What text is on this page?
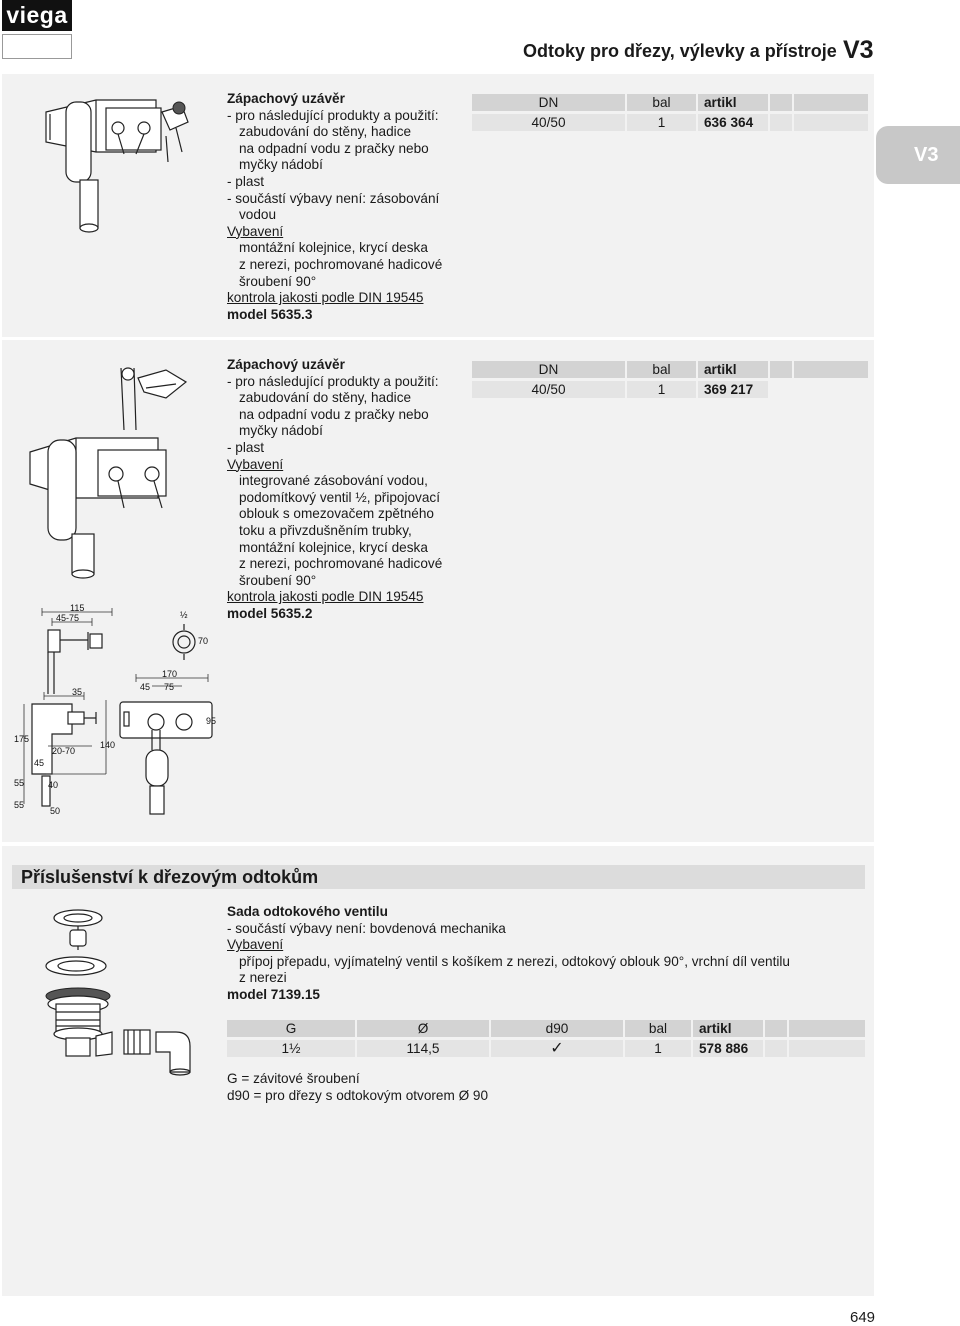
viega
Odtoky pro dřezy, výlevky a přístroje V3
V3
Zápachový uzávěr
- pro následující produkty a použití:
zabudování do stěny, hadice
na odpadní vodu z pračky nebo
myčky nádobí
- plast
- součástí výbavy není: zásobování
vodou
Vybavení
montážní kolejnice, krycí deska
z nerezi, pochromované hadicové
šroubení 90°
kontrola jakosti podle DIN 19545
model 5635.3
DN	bal	artikl		
40/50	1	636 364		
115
45-75	½
70
35
175
20-70
140
45
55	40
55
50
170
45 75
95
Zápachový uzávěr
- pro následující produkty a použití:
zabudování do stěny, hadice
na odpadní vodu z pračky nebo
myčky nádobí
- plast
Vybavení
integrované zásobování vodou,
podomítkový ventil ½, připojovací
oblouk s omezovačem zpětného
toku a přivzdušněním trubky,
montážní kolejnice, krycí deska
z nerezi, pochromované hadicové
šroubení 90°
kontrola jakosti podle DIN 19545
model 5635.2
DN	bal	artikl		
40/50	1	369 217		
Příslušenství k dřezovým odtokům
Sada odtokového ventilu
- součástí výbavy není: bovdenová mechanika
Vybavení
přípoj přepadu, vyjímatelný ventil s košíkem z nerezi, odtokový oblouk 90°, vrchní díl ventilu
z nerezi
model 7139.15
G	Ø	d90	bal	artikl		
1½	114,5	✓	1	578 886		
G = závitové šroubení
d90 = pro dřezy s odtokovým otvorem Ø 90
649
